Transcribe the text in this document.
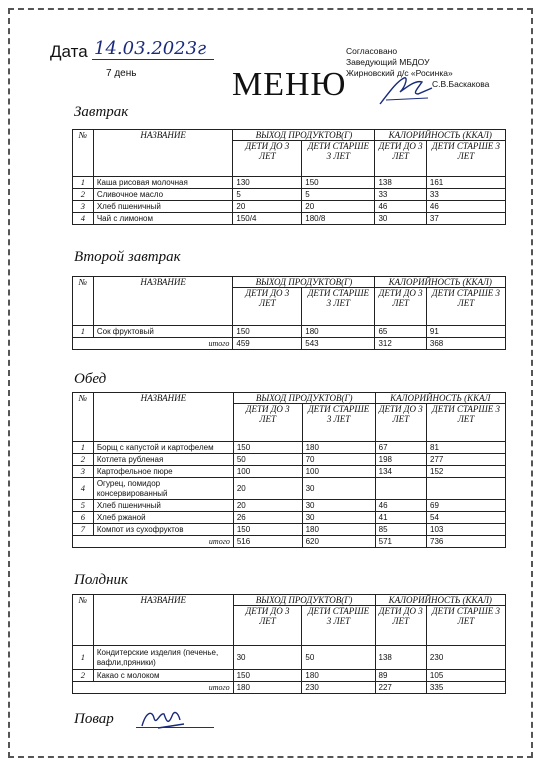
Дата 14.03.2023г
7 день	МЕНЮ
Согласовано
Заведующий МБДОУ
Жирновский д/с «Росинка»
С.В.Баскакова
Завтрак
№	НАЗВАНИЕ	ВЫХОД ПРОДУКТОВ(Г)		КАЛОРИЙНОСТЬ (ККАЛ)	
		ДЕТИ ДО 3 ЛЕТ	ДЕТИ СТАРШЕ 3 ЛЕТ	ДЕТИ ДО 3 ЛЕТ	ДЕТИ СТАРШЕ 3 ЛЕТ
1	Каша рисовая молочная	130	150	138	161
2	Сливочное масло	5	5	33	33
3	Хлеб пшеничный	20	20	46	46
4	Чай с лимоном	150/4	180/8	30	37
Второй завтрак
№	НАЗВАНИЕ	ВЫХОД ПРОДУКТОВ(Г)		КАЛОРИЙНОСТЬ (ККАЛ)	
		ДЕТИ ДО 3 ЛЕТ	ДЕТИ СТАРШЕ 3 ЛЕТ	ДЕТИ ДО 3 ЛЕТ	ДЕТИ СТАРШЕ 3 ЛЕТ
1	Сок фруктовый	150	180	65	91
итого		459	543	312	368
Обед
№	НАЗВАНИЕ	ВЫХОД ПРОДУКТОВ(Г)		КАЛОРИЙНОСТЬ (ККАЛ	
		ДЕТИ ДО 3 ЛЕТ	ДЕТИ СТАРШЕ 3 ЛЕТ	ДЕТИ ДО 3 ЛЕТ	ДЕТИ СТАРШЕ 3 ЛЕТ
1	Борщ с капустой и картофелем	150	180	67	81
2	Котлета рубленая	50	70	198	277
3	Картофельное пюре	100	100	134	152
4	Огурец, помидор консервированный	20	30		
5	Хлеб пшеничный	20	30	46	69
6	Хлеб ржаной	26	30	41	54
7	Компот из сухофруктов	150	180	85	103
итого		516	620	571	736
Полдник
№	НАЗВАНИЕ	ВЫХОД ПРОДУКТОВ(Г)		КАЛОРИЙНОСТЬ (ККАЛ)	
		ДЕТИ ДО 3 ЛЕТ	ДЕТИ СТАРШЕ 3 ЛЕТ	ДЕТИ ДО 3 ЛЕТ	ДЕТИ СТАРШЕ 3 ЛЕТ
1	Кондитерские изделия (печенье, вафли,пряники)	30	50	138	230
2	Какао с молоком	150	180	89	105
итого		180	230	227	335
Повар
